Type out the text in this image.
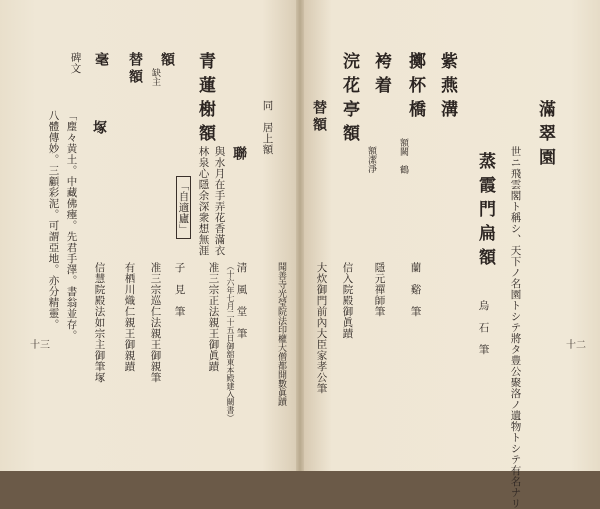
十二
滿翠園
世ニ飛雲閣ト稱シ、天下ノ名園トシテ將タ豊公聚洛ノ遺物トシテ有名ナリ
蒸霞門扁額
烏　石　筆
紫燕溝
擲杯橋
額闕　鶴
蘭　谿　筆
袴着
額潔淨
隱元禪師筆
浣花亭額
信入院殿御眞蹟
替額
大炊御門前內大臣家孝公筆
聞善寺光瑩院法印權大僧都開數眞蹟
清　風　堂　筆
（十六年七月二十五日御舘東本殿建入闕書）
准三宗正法親王御眞蹟
十三
同　居上額
聯
與水月在手弄花香滿衣
林泉心隱余深衆想無涯
青蓮榭額
「自適廬」
額
缺主
子　見　筆
替額
准三宗巡仁法親王御親筆
有栖川熾仁親王御親蹟
毫
塚
信慧院殿法如宗主御筆塚
碑文
「塵々黄土。中藏佛瘞。先君手澤。書翁並存。
八體傳妙。三顧彩泥。可謂亞地。亦分精靈。
